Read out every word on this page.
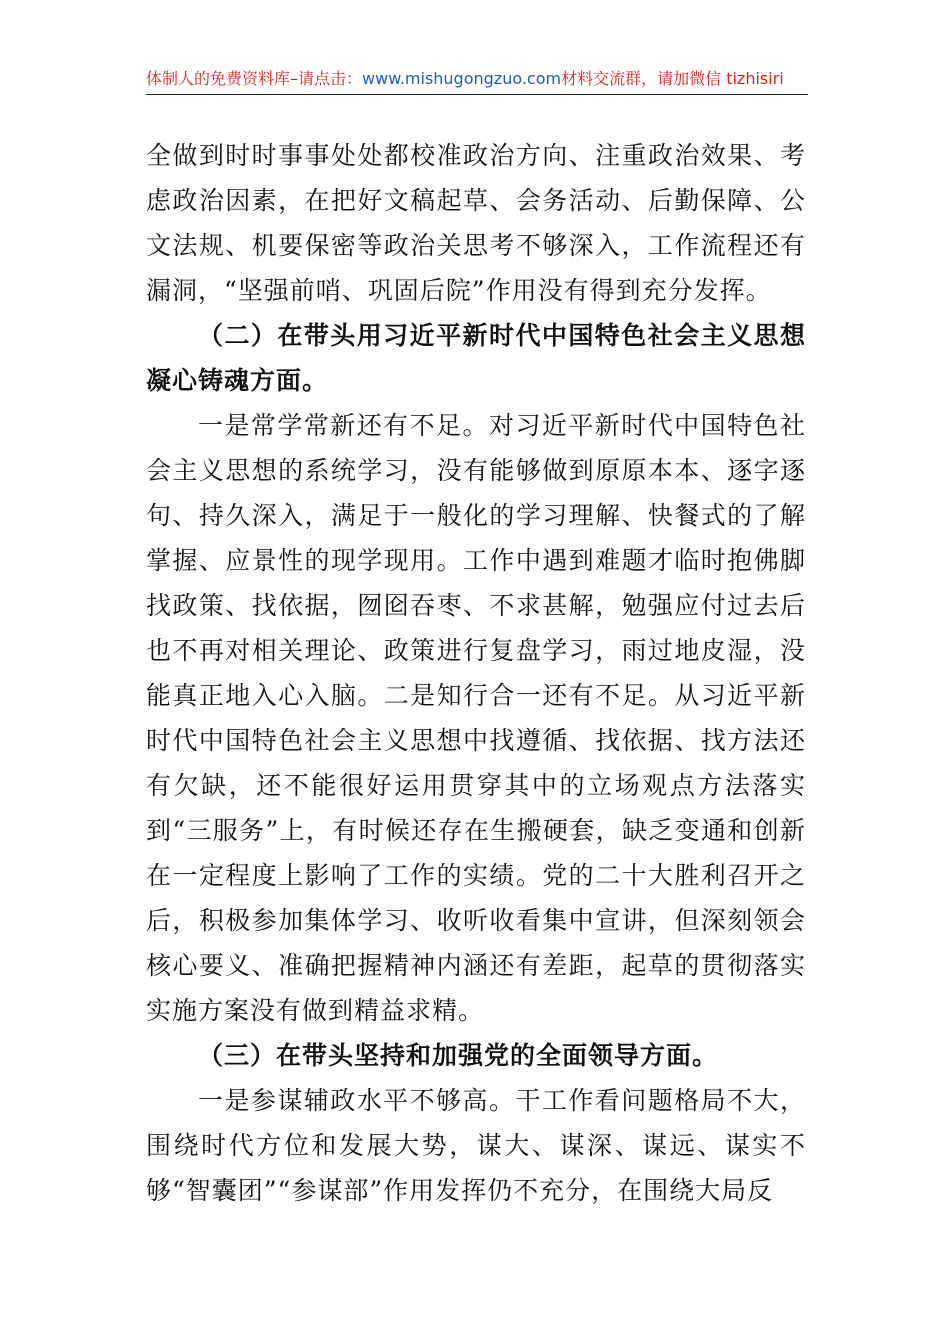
体制人的免费资料库–请点击：www.mishugongzuo.com材料交流群，请加微信 tizhisiri

全做到时时事事处处都校准政治方向、注重政治效果、考虑政治因素，在把好文稿起草、会务活动、后勤保障、公文法规、机要保密等政治关思考不够深入，工作流程还有漏洞，“坚强前哨、巩固后院”作用没有得到充分发挥。

（二）在带头用习近平新时代中国特色社会主义思想凝心铸魂方面。

一是常学常新还有不足。对习近平新时代中国特色社会主义思想的系统学习，没有能够做到原原本本、逐字逐句、持久深入，满足于一般化的学习理解、快餐式的了解掌握、应景性的现学现用。工作中遇到难题才临时抱佛脚找政策、找依据，囫囵吞枣、不求甚解，勉强应付过去后也不再对相关理论、政策进行复盘学习，雨过地皮湿，没能真正地入心入脑。二是知行合一还有不足。从习近平新时代中国特色社会主义思想中找遵循、找依据、找方法还有欠缺，还不能很好运用贯穿其中的立场观点方法落实到“三服务”上，有时候还存在生搬硬套，缺乏变通和创新在一定程度上影响了工作的实绩。党的二十大胜利召开之后，积极参加集体学习、收听收看集中宣讲，但深刻领会核心要义、准确把握精神内涵还有差距，起草的贯彻落实实施方案没有做到精益求精。

（三）在带头坚持和加强党的全面领导方面。

一是参谋辅政水平不够高。干工作看问题格局不大，围绕时代方位和发展大势，谋大、谋深、谋远、谋实不够“智囊团”“参谋部”作用发挥仍不充分，在围绕大局反
